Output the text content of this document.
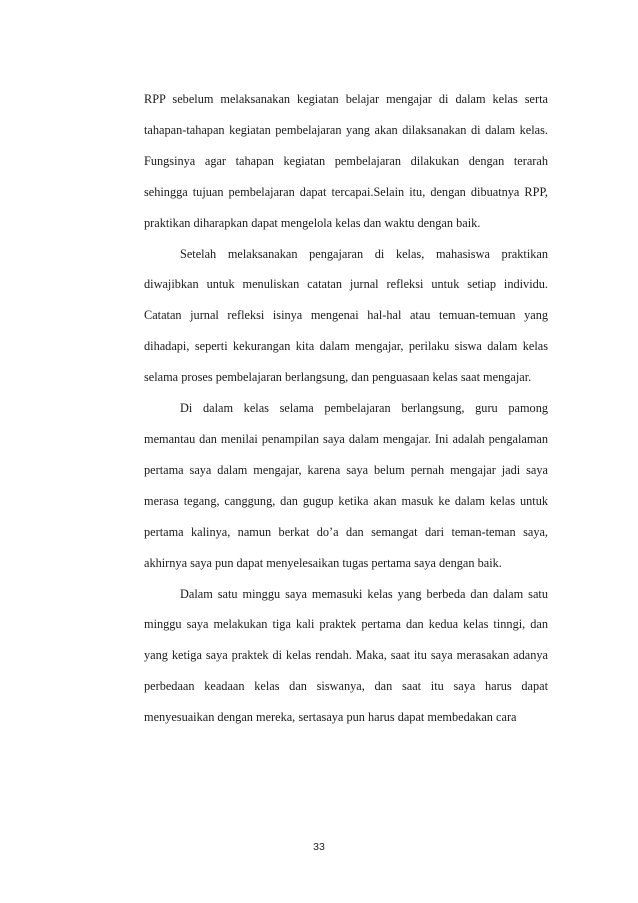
RPP sebelum melaksanakan kegiatan belajar mengajar di dalam kelas serta tahapan-tahapan kegiatan pembelajaran yang akan dilaksanakan di dalam kelas. Fungsinya agar tahapan kegiatan pembelajaran dilakukan dengan terarah sehingga tujuan pembelajaran dapat tercapai.Selain itu, dengan dibuatnya RPP, praktikan diharapkan dapat mengelola kelas dan waktu dengan baik.

Setelah melaksanakan pengajaran di kelas, mahasiswa praktikan diwajibkan untuk menuliskan catatan jurnal refleksi untuk setiap individu. Catatan jurnal refleksi isinya mengenai hal-hal atau temuan-temuan yang dihadapi, seperti kekurangan kita dalam mengajar, perilaku siswa dalam kelas selama proses pembelajaran berlangsung, dan penguasaan kelas saat mengajar.

Di dalam kelas selama pembelajaran berlangsung, guru pamong memantau dan menilai penampilan saya dalam mengajar. Ini adalah pengalaman pertama saya dalam mengajar, karena saya belum pernah mengajar jadi saya merasa tegang, canggung, dan gugup ketika akan masuk ke dalam kelas untuk pertama kalinya, namun berkat do’a dan semangat dari teman-teman saya, akhirnya saya pun dapat menyelesaikan tugas pertama saya dengan baik.

Dalam satu minggu saya memasuki kelas yang berbeda dan dalam satu minggu saya melakukan tiga kali praktek pertama dan kedua kelas tinngi, dan yang ketiga saya praktek di kelas rendah. Maka, saat itu saya merasakan adanya perbedaan keadaan kelas dan siswanya, dan saat itu saya harus dapat menyesuaikan dengan mereka, sertasaya pun harus dapat membedakan cara

33
